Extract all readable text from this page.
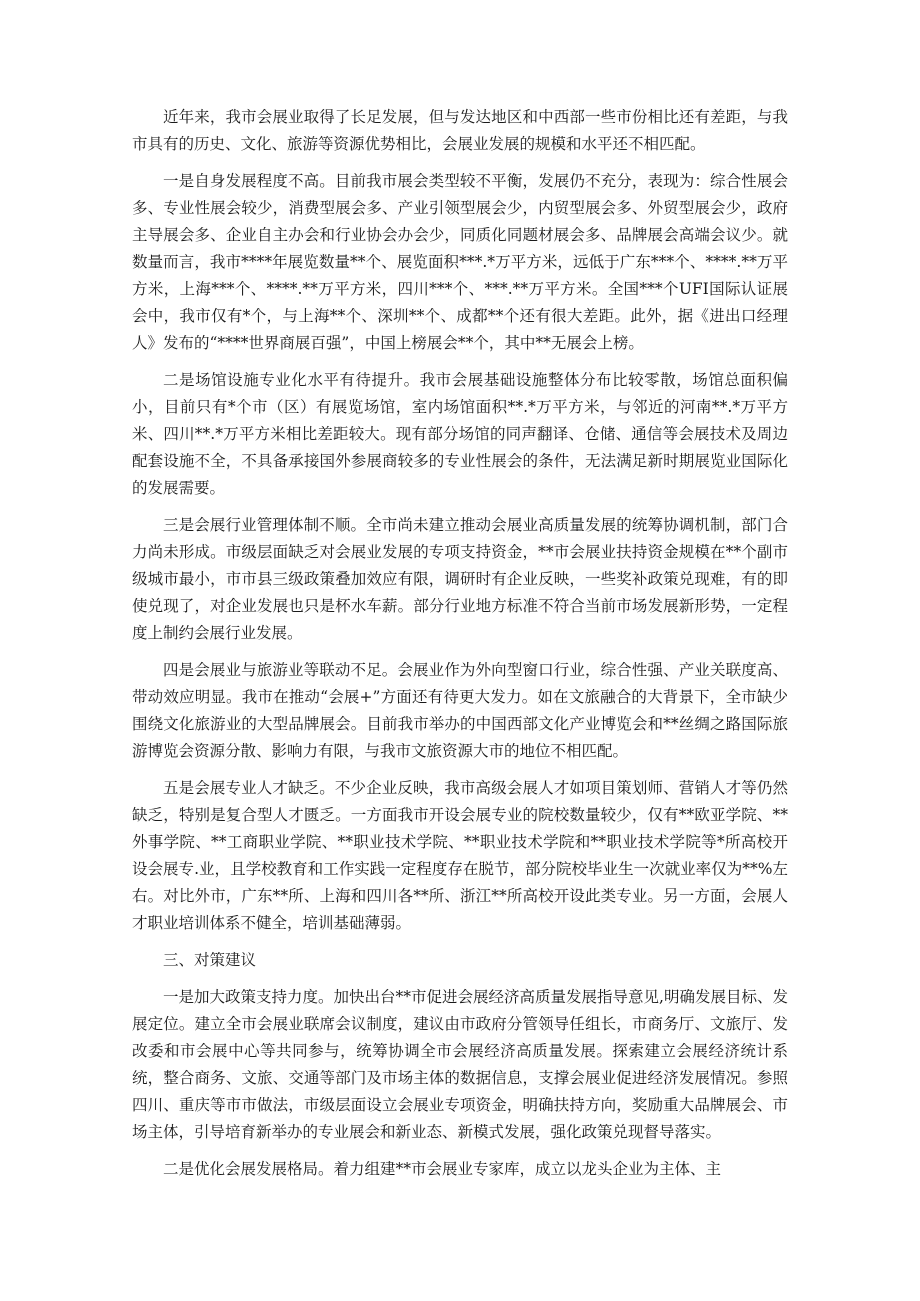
近年来，我市会展业取得了长足发展，但与发达地区和中西部一些市份相比还有差距，与我市具有的历史、文化、旅游等资源优势相比，会展业发展的规模和水平还不相匹配。

一是自身发展程度不高。目前我市展会类型较不平衡，发展仍不充分，表现为：综合性展会多、专业性展会较少，消费型展会多、产业引领型展会少，内贸型展会多、外贸型展会少，政府主导展会多、企业自主办会和行业协会办会少，同质化同题材展会多、品牌展会高端会议少。就数量而言，我市****年展览数量**个、展览面积***.*万平方米，远低于广东***个、****.**万平方米，上海***个、****.**万平方米，四川***个、***.**万平方米。全国***个UFI国际认证展会中，我市仅有*个，与上海**个、深圳**个、成都**个还有很大差距。此外，据《进出口经理人》发布的“****世界商展百强”，中国上榜展会**个，其中**无展会上榜。

二是场馆设施专业化水平有待提升。我市会展基础设施整体分布比较零散，场馆总面积偏小，目前只有*个市（区）有展览场馆，室内场馆面积**.*万平方米，与邻近的河南**.*万平方米、四川**.*万平方米相比差距较大。现有部分场馆的同声翻译、仓储、通信等会展技术及周边配套设施不全，不具备承接国外参展商较多的专业性展会的条件，无法满足新时期展览业国际化的发展需要。

三是会展行业管理体制不顺。全市尚未建立推动会展业高质量发展的统筹协调机制，部门合力尚未形成。市级层面缺乏对会展业发展的专项支持资金，**市会展业扶持资金规模在**个副市级城市最小，市市县三级政策叠加效应有限，调研时有企业反映，一些奖补政策兑现难，有的即使兑现了，对企业发展也只是杯水车薪。部分行业地方标准不符合当前市场发展新形势，一定程度上制约会展行业发展。

四是会展业与旅游业等联动不足。会展业作为外向型窗口行业，综合性强、产业关联度高、带动效应明显。我市在推动“会展+”方面还有待更大发力。如在文旅融合的大背景下，全市缺少围绕文化旅游业的大型品牌展会。目前我市举办的中国西部文化产业博览会和**丝绸之路国际旅游博览会资源分散、影响力有限，与我市文旅资源大市的地位不相匹配。

五是会展专业人才缺乏。不少企业反映，我市高级会展人才如项目策划师、营销人才等仍然缺乏，特别是复合型人才匮乏。一方面我市开设会展专业的院校数量较少，仅有**欧亚学院、**外事学院、**工商职业学院、**职业技术学院、**职业技术学院和**职业技术学院等*所高校开设会展专.业，且学校教育和工作实践一定程度存在脱节，部分院校毕业生一次就业率仅为**%左右。对比外市，广东**所、上海和四川各**所、浙江**所高校开设此类专业。另一方面，会展人才职业培训体系不健全，培训基础薄弱。

三、对策建议

一是加大政策支持力度。加快出台**市促进会展经济高质量发展指导意见,明确发展目标、发展定位。建立全市会展业联席会议制度，建议由市政府分管领导任组长，市商务厅、文旅厅、发改委和市会展中心等共同参与，统筹协调全市会展经济高质量发展。探索建立会展经济统计系统，整合商务、文旅、交通等部门及市场主体的数据信息，支撑会展业促进经济发展情况。参照四川、重庆等市市做法，市级层面设立会展业专项资金，明确扶持方向，奖励重大品牌展会、市场主体，引导培育新举办的专业展会和新业态、新模式发展，强化政策兑现督导落实。

二是优化会展发展格局。着力组建**市会展业专家库，成立以龙头企业为主体、主
